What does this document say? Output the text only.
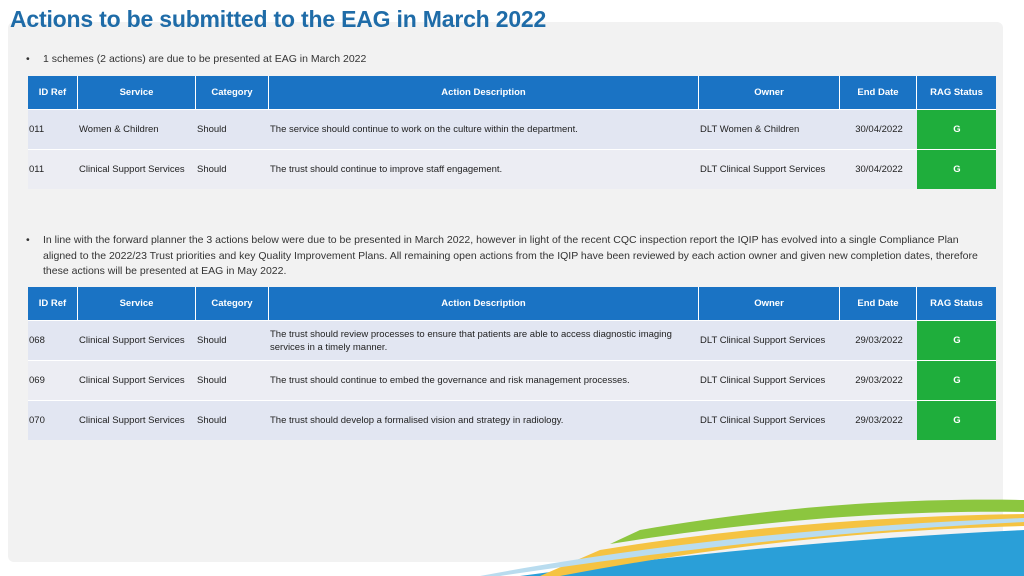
Actions to be submitted to the EAG in March 2022
• 1 schemes (2 actions) are due to be presented at EAG in March 2022
ID Ref	Service	Category	Action Description	Owner	End Date	RAG Status
011	Women & Children	Should	The service should continue to work on the culture within the department.	DLT Women & Children	30/04/2022	G
011	Clinical Support Services	Should	The trust should continue to improve staff engagement.	DLT Clinical Support Services	30/04/2022	G
• In line with the forward planner the 3 actions below were due to be presented in March 2022, however in light of the recent CQC inspection report the IQIP has evolved into a single Compliance Plan aligned to the 2022/23 Trust priorities and key Quality Improvement Plans. All remaining open actions from the IQIP have been reviewed by each action owner and given new completion dates, therefore these actions will be presented at EAG in May 2022.
ID Ref	Service	Category	Action Description	Owner	End Date	RAG Status
068	Clinical Support Services	Should	The trust should review processes to ensure that patients are able to access diagnostic imaging services in a timely manner.	DLT Clinical Support Services	29/03/2022	G
069	Clinical Support Services	Should	The trust should continue to embed the governance and risk management processes.	DLT Clinical Support Services	29/03/2022	G
070	Clinical Support Services	Should	The trust should develop a formalised vision and strategy in radiology.	DLT Clinical Support Services	29/03/2022	G
